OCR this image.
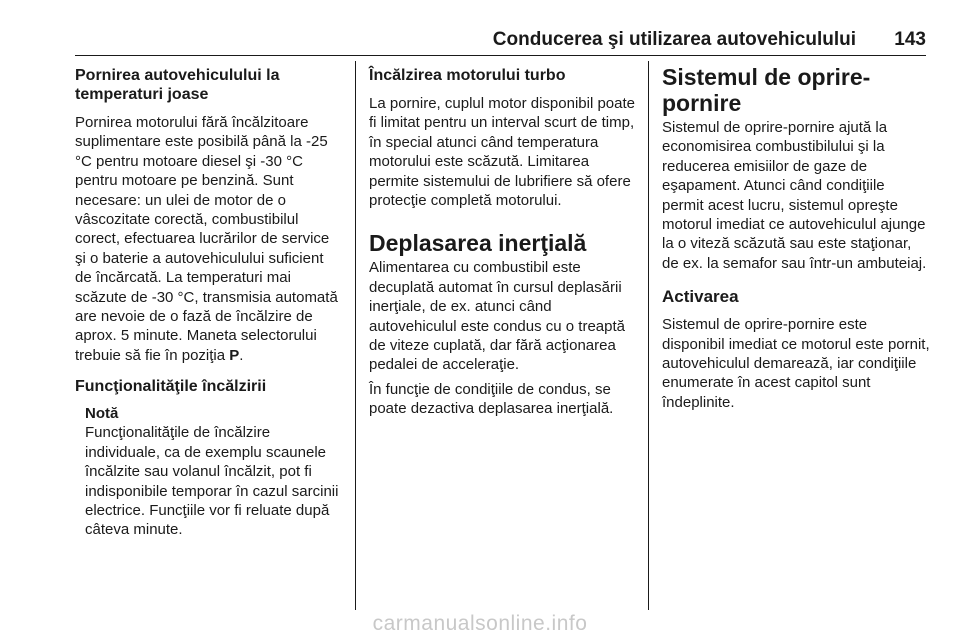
Conducerea şi utilizarea autovehiculului 143
Pornirea autovehiculului la temperaturi joase

Pornirea motorului fără încălzitoare suplimentare este posibilă până la -25 °C pentru motoare diesel şi -30 °C pentru motoare pe benzină. Sunt necesare: un ulei de motor de o vâscozitate corectă, combustibilul corect, efectuarea lucrărilor de service şi o baterie a autovehiculului suficient de încărcată. La temperaturi mai scăzute de -30 °C, transmisia automată are nevoie de o fază de încălzire de aprox. 5 minute. Maneta selectorului trebuie să fie în poziţia P.

Funcţionalităţile încălzirii
Notă

Funcţionalităţile de încălzire individuale, ca de exemplu scaunele încălzite sau volanul încălzit, pot fi indisponibile temporar în cazul sarcinii electrice. Funcţiile vor fi reluate după câteva minute.

Încălzirea motorului turbo

La pornire, cuplul motor disponibil poate fi limitat pentru un interval scurt de timp, în special atunci când temperatura motorului este scăzută. Limitarea permite sistemului de lubrifiere să ofere protecţie completă motorului.

Deplasarea inerţială

Alimentarea cu combustibil este decuplată automat în cursul deplasării inerţiale, de ex. atunci când autovehiculul este condus cu o treaptă de viteze cuplată, dar fără acţionarea pedalei de acceleraţie.

În funcţie de condiţiile de condus, se poate dezactiva deplasarea inerţială.

Sistemul de oprire-pornire

Sistemul de oprire-pornire ajută la economisirea combustibilului şi la reducerea emisiilor de gaze de eşapament. Atunci când condiţiile permit acest lucru, sistemul opreşte motorul imediat ce autovehiculul ajunge la o viteză scăzută sau este staţionar, de ex. la semafor sau într-un ambuteiaj.

Activarea

Sistemul de oprire-pornire este disponibil imediat ce motorul este pornit, autovehiculul demarează, iar condiţiile enumerate în acest capitol sunt îndeplinite.

carmanualsonline.info
